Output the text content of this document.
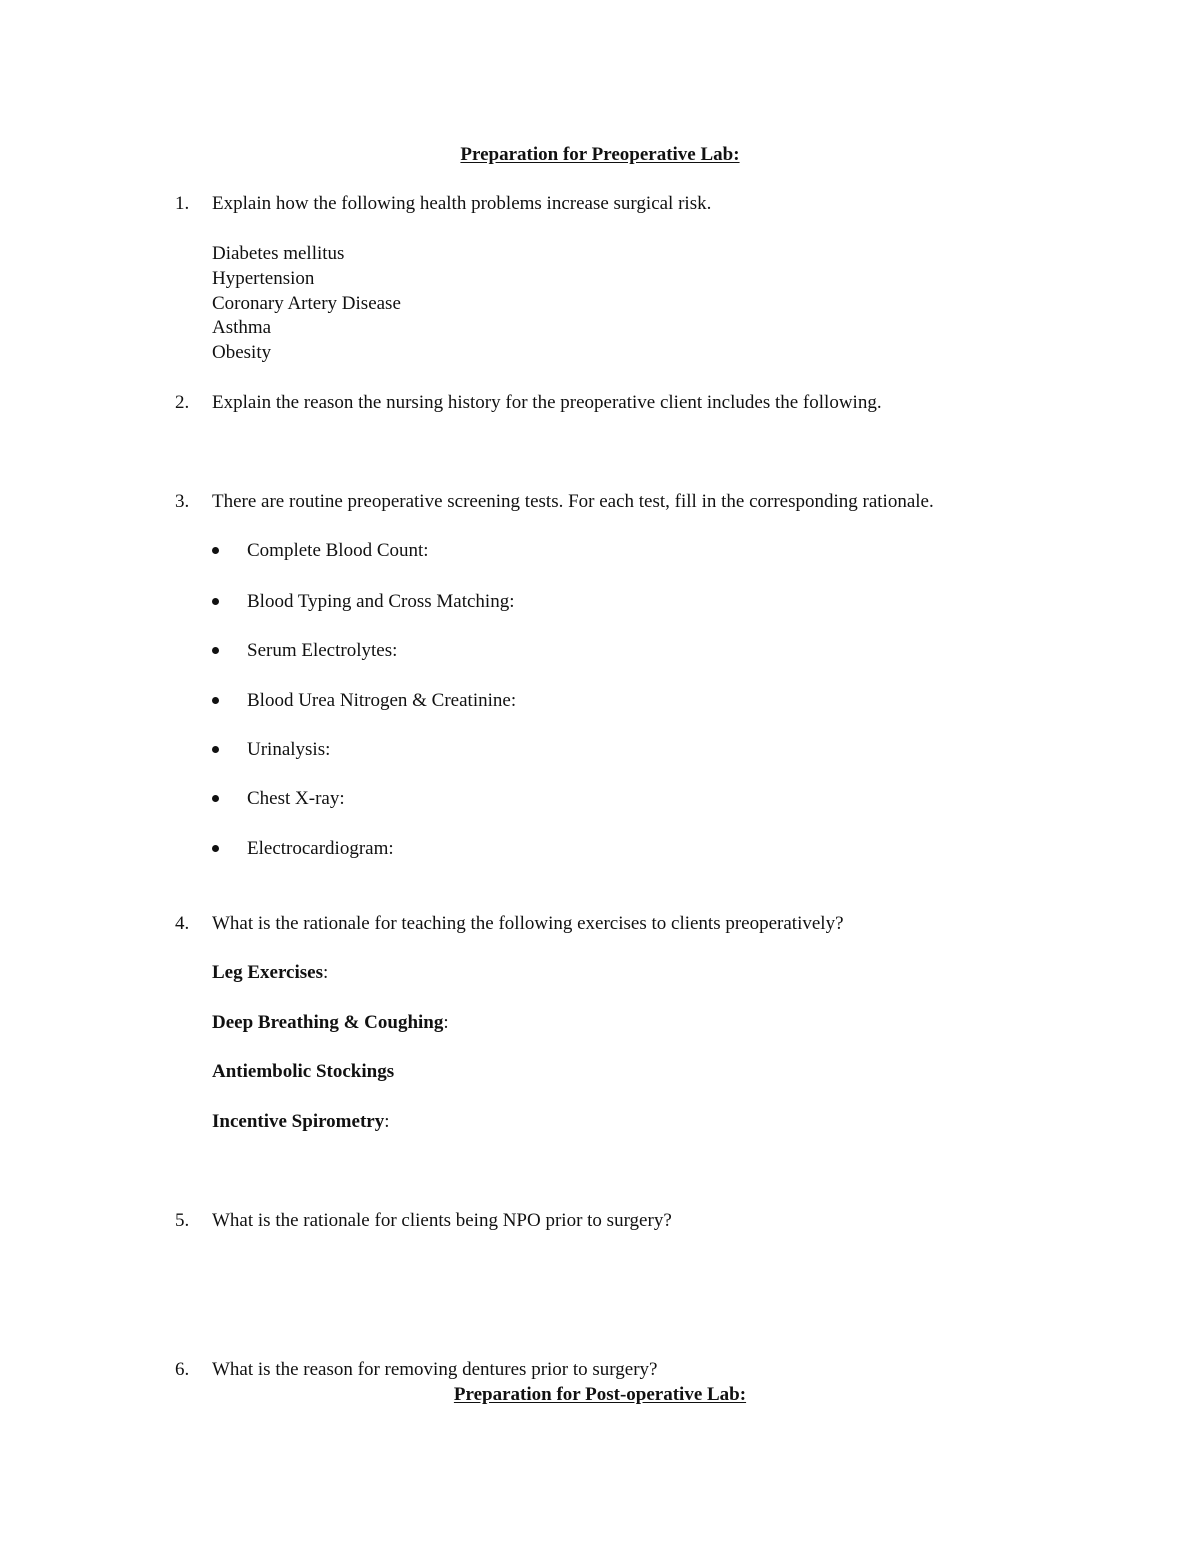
Preparation for Preoperative Lab:
1. Explain how the following health problems increase surgical risk.
Diabetes mellitus
Hypertension
Coronary Artery Disease
Asthma
Obesity
2. Explain the reason the nursing history for the preoperative client includes the following.
3. There are routine preoperative screening tests. For each test, fill in the corresponding rationale.
Complete Blood Count:
Blood Typing and Cross Matching:
Serum Electrolytes:
Blood Urea Nitrogen & Creatinine:
Urinalysis:
Chest X-ray:
Electrocardiogram:
4. What is the rationale for teaching the following exercises to clients preoperatively?
Leg Exercises:
Deep Breathing & Coughing:
Antiembolic Stockings
Incentive Spirometry:
5. What is the rationale for clients being NPO prior to surgery?
6. What is the reason for removing dentures prior to surgery?
Preparation for Post-operative Lab:
